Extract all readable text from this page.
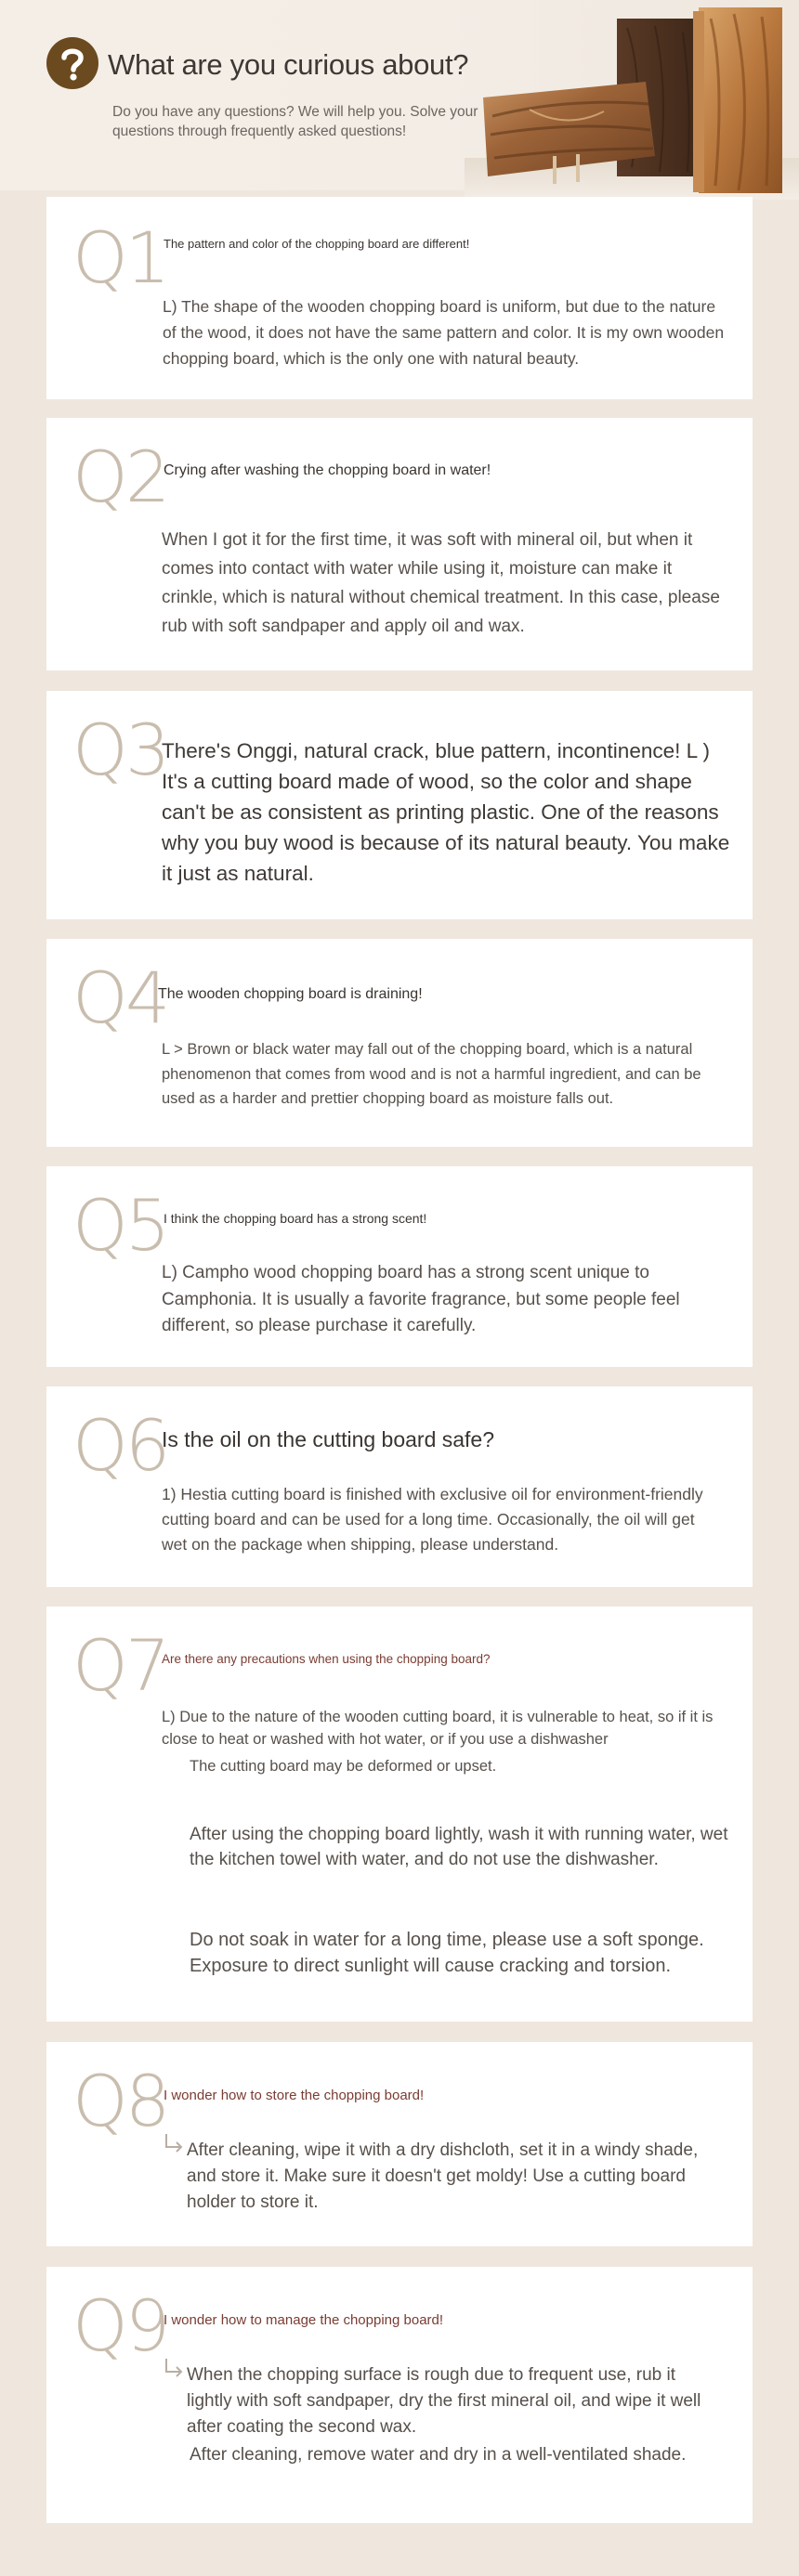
What are you curious about?
Do you have any questions? We will help you. Solve your questions through frequently asked questions!
Q1
The pattern and color of the chopping board are different!
L) The shape of the wooden chopping board is uniform, but due to the nature of the wood, it does not have the same pattern and color. It is my own wooden chopping board, which is the only one with natural beauty.
Q2
Crying after washing the chopping board in water!
When I got it for the first time, it was soft with mineral oil, but when it comes into contact with water while using it, moisture can make it crinkle, which is natural without chemical treatment. In this case, please rub with soft sandpaper and apply oil and wax.
Q3
There's Onggi, natural crack, blue pattern, incontinence! L ) It's a cutting board made of wood, so the color and shape can't be as consistent as printing plastic. One of the reasons why you buy wood is because of its natural beauty. You make it just as natural.
Q4
The wooden chopping board is draining!
L > Brown or black water may fall out of the chopping board, which is a natural phenomenon that comes from wood and is not a harmful ingredient, and can be used as a harder and prettier chopping board as moisture falls out.
Q5
I think the chopping board has a strong scent!
L) Campho wood chopping board has a strong scent unique to Camphonia. It is usually a favorite fragrance, but some people feel different, so please purchase it carefully.
Q6
Is the oil on the cutting board safe?
1) Hestia cutting board is finished with exclusive oil for environment-friendly cutting board and can be used for a long time. Occasionally, the oil will get wet on the package when shipping, please understand.
Q7
Are there any precautions when using the chopping board?
L) Due to the nature of the wooden cutting board, it is vulnerable to heat, so if it is close to heat or washed with hot water, or if you use a dishwasher
The cutting board may be deformed or upset.
After using the chopping board lightly, wash it with running water, wet the kitchen towel with water, and do not use the dishwasher.
Do not soak in water for a long time, please use a soft sponge. Exposure to direct sunlight will cause cracking and torsion.
Q8
I wonder how to store the chopping board!
After cleaning, wipe it with a dry dishcloth, set it in a windy shade, and store it. Make sure it doesn't get moldy! Use a cutting board holder to store it.
Q9
I wonder how to manage the chopping board!
When the chopping surface is rough due to frequent use, rub it lightly with soft sandpaper, dry the first mineral oil, and wipe it well after coating the second wax.
After cleaning, remove water and dry in a well-ventilated shade.
